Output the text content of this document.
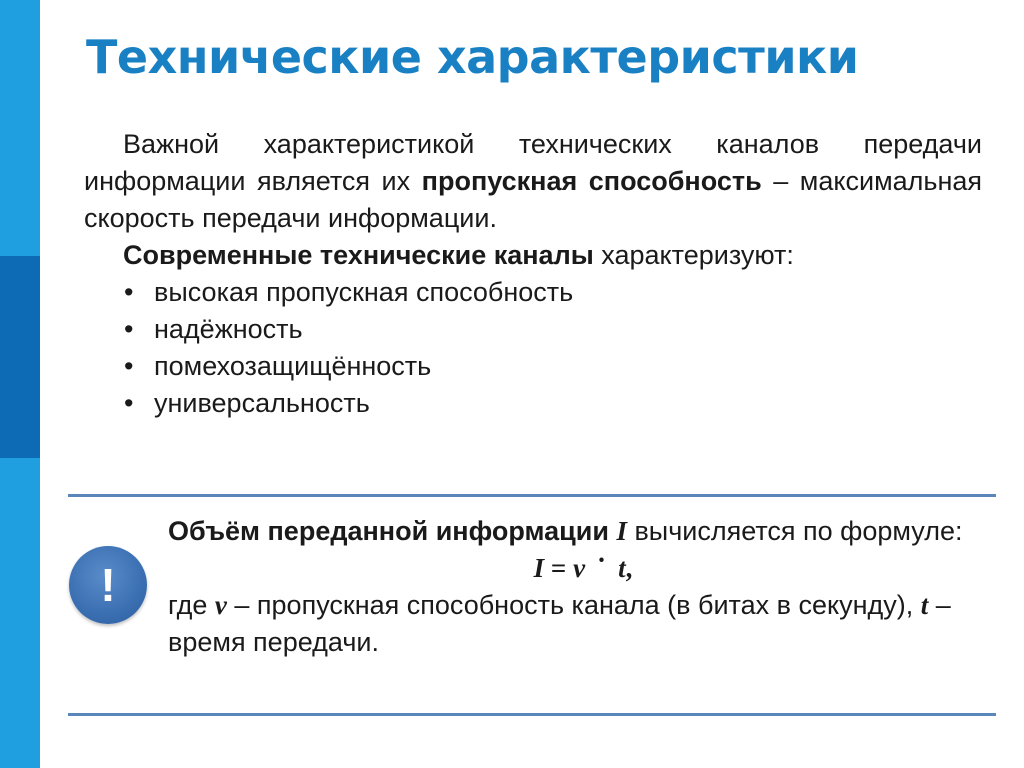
Технические характеристики

Важной характеристикой технических каналов передачи информации является их пропускная способность – максимальная скорость передачи информации.

Современные технические каналы характеризуют:

• высокая пропускная способность
• надёжность
• помехозащищённость
• универсальность
!

Объём переданной информации I вычисляется по формуле:

I = v · t,

где v – пропускная способность канала (в битах в секунду), t – время передачи.
